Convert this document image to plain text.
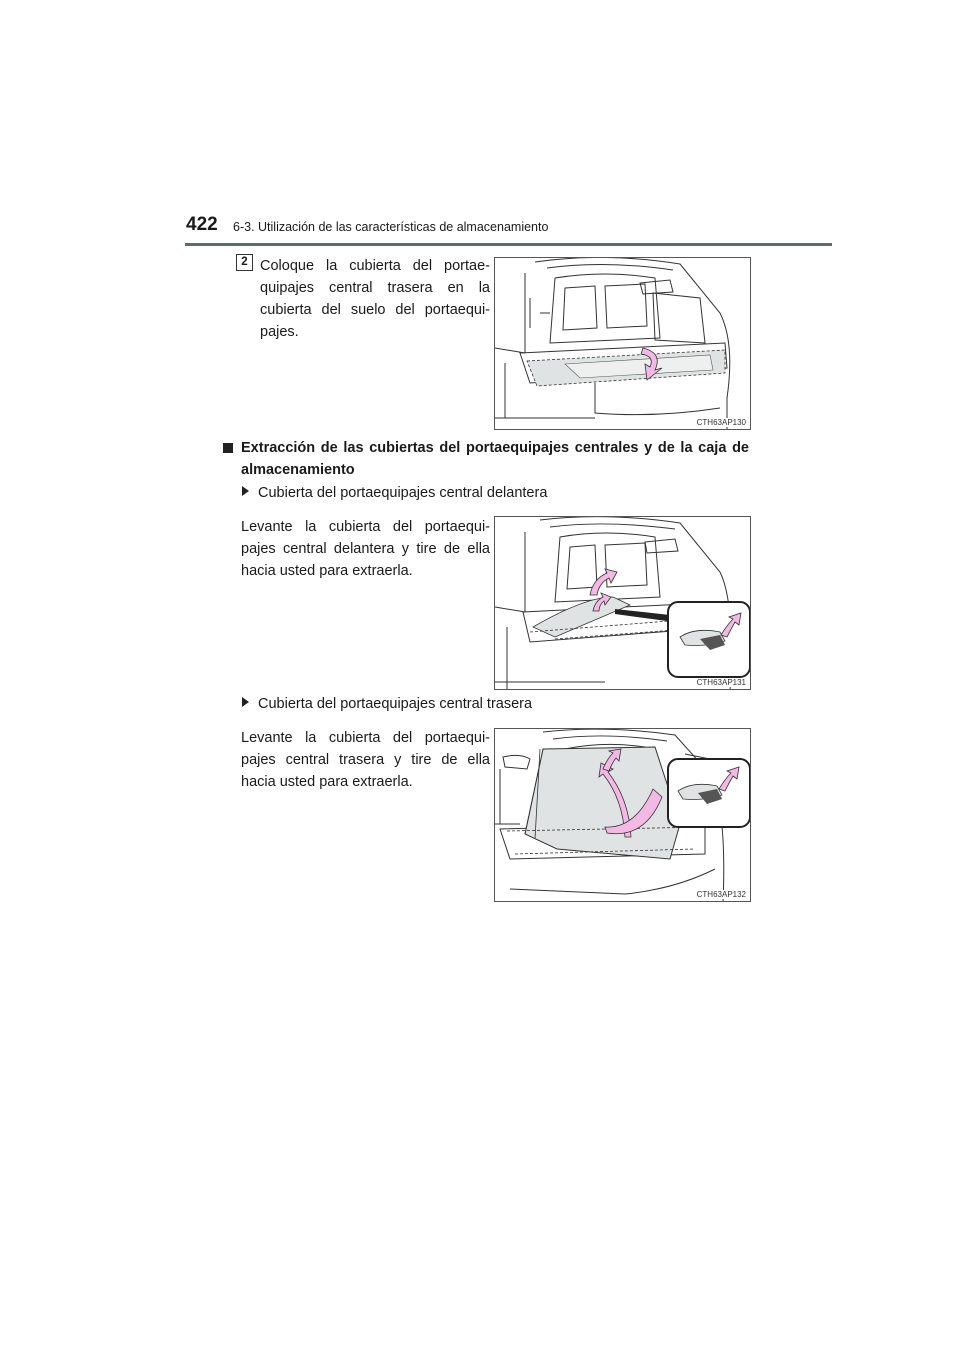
422 6-3. Utilización de las características de almacenamiento
2 Coloque la cubierta del portae-quipajes central trasera en la cubierta del suelo del portaequi-pajes.
CTH63AP130
Extracción de las cubiertas del portaequipajes centrales y de la caja de almacenamiento
Cubierta del portaequipajes central delantera
Levante la cubierta del portaequi-pajes central delantera y tire de ella hacia usted para extraerla.
CTH63AP131
Cubierta del portaequipajes central trasera
Levante la cubierta del portaequi-pajes central trasera y tire de ella hacia usted para extraerla.
CTH63AP132
